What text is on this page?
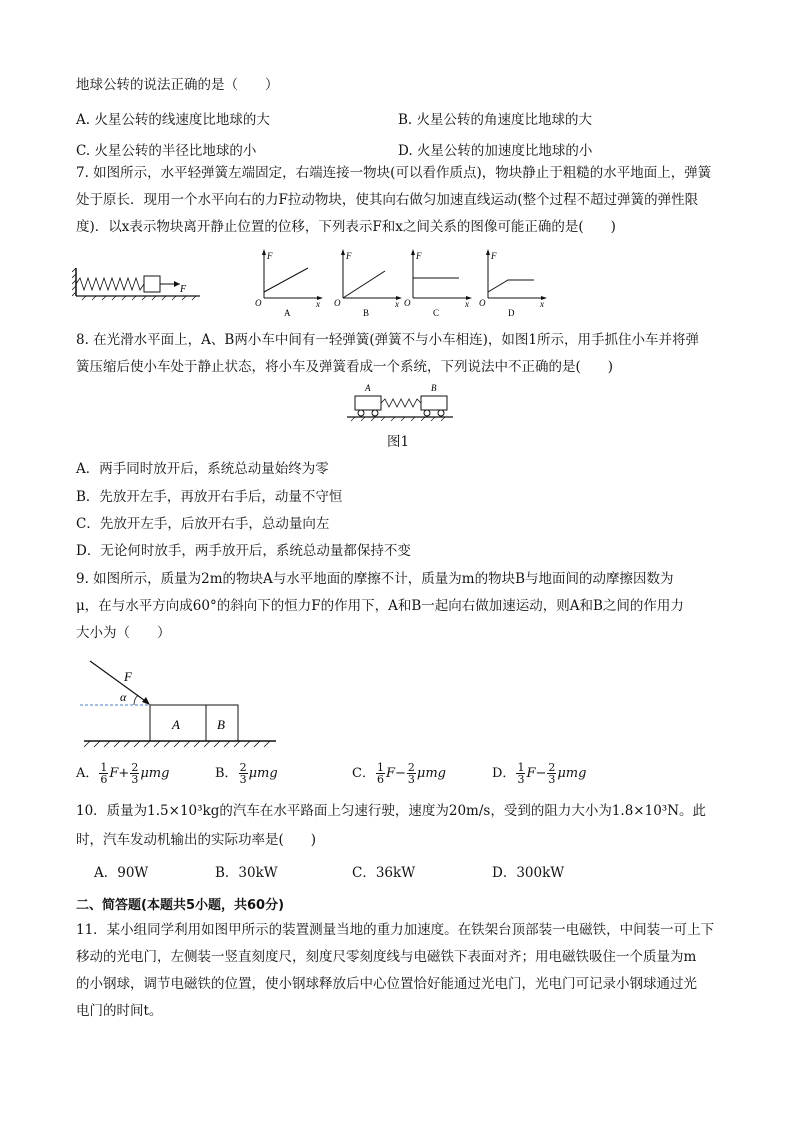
地球公转的说法正确的是（　　）
A. 火星公转的线速度比地球的大	B. 火星公转的角速度比地球的大
C. 火星公转的半径比地球的小	D. 火星公转的加速度比地球的小
7. 如图所示，水平轻弹簧左端固定，右端连接一物块(可以看作质点)，物块静止于粗糙的水平地面上，弹簧
处于原长．现用一个水平向右的力F拉动物块，使其向右做匀加速直线运动(整个过程不超过弹簧的弹性限
度)．以x表示物块离开静止位置的位移，下列表示F和x之间关系的图像可能正确的是(　　)
F
F
O	x
A
F
O	x
B
F
O	x
C
F
O	x
D
8. 在光滑水平面上，A、B两小车中间有一轻弹簧(弹簧不与小车相连)，如图1所示，用手抓住小车并将弹
簧压缩后使小车处于静止状态，将小车及弹簧看成一个系统，下列说法中不正确的是(　　)
A	B
图1
A．两手同时放开后，系统总动量始终为零
B．先放开左手，再放开右手后，动量不守恒
C．先放开左手，后放开右手，总动量向左
D．无论何时放手，两手放开后，系统总动量都保持不变
9. 如图所示，质量为2m的物块A与水平地面的摩擦不计，质量为m的物块B与地面间的动摩擦因数为
μ，在与水平方向成60°的斜向下的恒力F的作用下，A和B一起向右做加速运动，则A和B之间的作用力
大小为（　　）
F
α
A	B
A． $\frac{1}{6} F+ \frac{2}{3}$ μmg	B． $\frac{2}{3}$ μmg	C． $\frac{1}{6} F- \frac{2}{3}$ μmg	D． $\frac{1}{3} F- \frac{2}{3}$ μmg
10．质量为1.5×10³kg的汽车在水平路面上匀速行驶，速度为20m/s，受到的阻力大小为1.8×10³N。此
时，汽车发动机输出的实际功率是(　　)
A．90W	B．30kW	C．36kW	D．300kW
二、简答题(本题共5小题，共60分)
11．某小组同学利用如图甲所示的装置测量当地的重力加速度。在铁架台顶部装一电磁铁，中间装一可上下
移动的光电门，左侧装一竖直刻度尺，刻度尺零刻度线与电磁铁下表面对齐；用电磁铁吸住一个质量为m
的小钢球，调节电磁铁的位置，使小钢球释放后中心位置恰好能通过光电门，光电门可记录小钢球通过光
电门的时间t。
